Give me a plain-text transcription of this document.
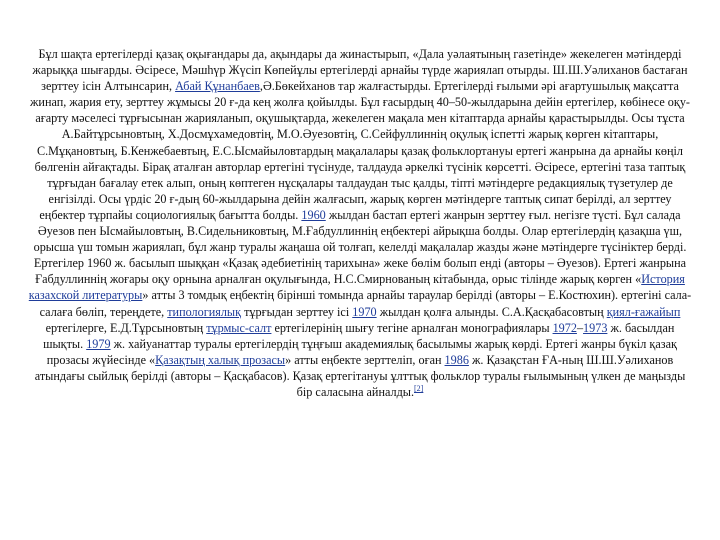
Бұл шақта ертегілерді қазақ оқығандары да, ақындары да жинастырып, «Дала уәлаятының газетінде» жекелеген мәтіндерді жарыққа шығарды. Әсіресе, Мәшһүр Жүсіп Көпейұлы ертегілерді арнайы түрде жариялап отырды. Ш.Ш.Уәлиханов бастаған зерттеу ісін Алтынсарин, Абай Құнанбаев,Ә.Бөкейханов тар жалғастырды. Ертегілерді ғылыми әрі ағартушылық мақсатта жинап, жария ету, зерттеу жұмысы 20 ғ-да кең жолға қойылды. Бұл ғасырдың 40–50-жылдарына дейін ертегілер, көбінесе оқу-ағарту мәселесі тұрғысынан жарияланып, оқушықтарда, жекелеген мақала мен кітаптарда арнайы қарастырылды. Осы тұста А.Байтұрсыновтың, Х.Досмұхамедовтің, М.О.Әуезовтің, С.Сейфуллиннің оқулық іспетті жарық көрген кітаптары, С.Мұқановтың, Б.Кенжебаевтың, Е.С.Ысмайыловтардың мақалалары қазақ фольклортануы ертегі жанрына да арнайы көңіл бөлгенін айғақтады. Бірақ аталған авторлар ертегіні түсінуде, талдауда әркелкі түсінік көрсетті. Әсіресе, ертегіні таза таптық тұрғыдан бағалау етек алып, оның көптеген нұсқалары талдаудан тыс қалды, тіпті мәтіндерге редакциялық түзетулер де енгізілді. Осы үрдіс 20 ғ-дың 60-жылдарына дейін жалғасып, жарық көрген мәтіндерге таптық сипат берілді, ал зерттеу еңбектер тұрпайы социологиялық бағытта болды. 1960 жылдан бастап ертегі жанрын зерттеу ғыл. негізге түсті. Бұл салада Әуезов пен Ысмайыловтың, В.Сидельниковтың, М.Ғабдуллиннің еңбектері айрықша болды. Олар ертегілердің қазақша үш, орысша үш томын жариялап, бұл жанр туралы жаңаша ой толғап, келелді мақалалар жазды және мәтіндерге түсініктер берді. Ертегілер 1960 ж. басылып шыққан «Қазақ әдебиетінің тарихына» жеке бөлім болып енді (авторы – Әуезов). Ертегі жанрына Ғабдуллиннің жоғары оқу орнына арналған оқулығында, Н.С.Смирнованың кітабында, орыс тілінде жарық көрген «История казахской литературы» атты 3 томдық еңбектің бірінші томында арнайы тараулар берілді (авторы – Е.Костюхин). ертегіні сала-салаға бөліп, тереңдете, типологиялық тұрғыдан зерттеу ісі 1970 жылдан қолға алынды. С.А.Қасқабасовтың қиял-ғажайып ертегілерге, Е.Д.Тұрсыновтың тұрмыс-салт ертегілерінің шығу тегіне арналған монографиялары 1972–1973 ж. басылдан шықты. 1979 ж. хайуанаттар туралы ертегілердің тұңғыш академиялық басылымы жарық көрді. Ертегі жанры бүкіл қазақ прозасы жүйесінде «Қазақтың халық прозасы» атты еңбекте зерттеліп, оған 1986 ж. Қазақстан ҒА-ның Ш.Ш.Уәлиханов атындағы сыйлық берілді (авторы – Қасқабасов). Қазақ ертегітануы ұлттық фольклор туралы ғылымының үлкен де маңызды бір саласына айналды.[2]
